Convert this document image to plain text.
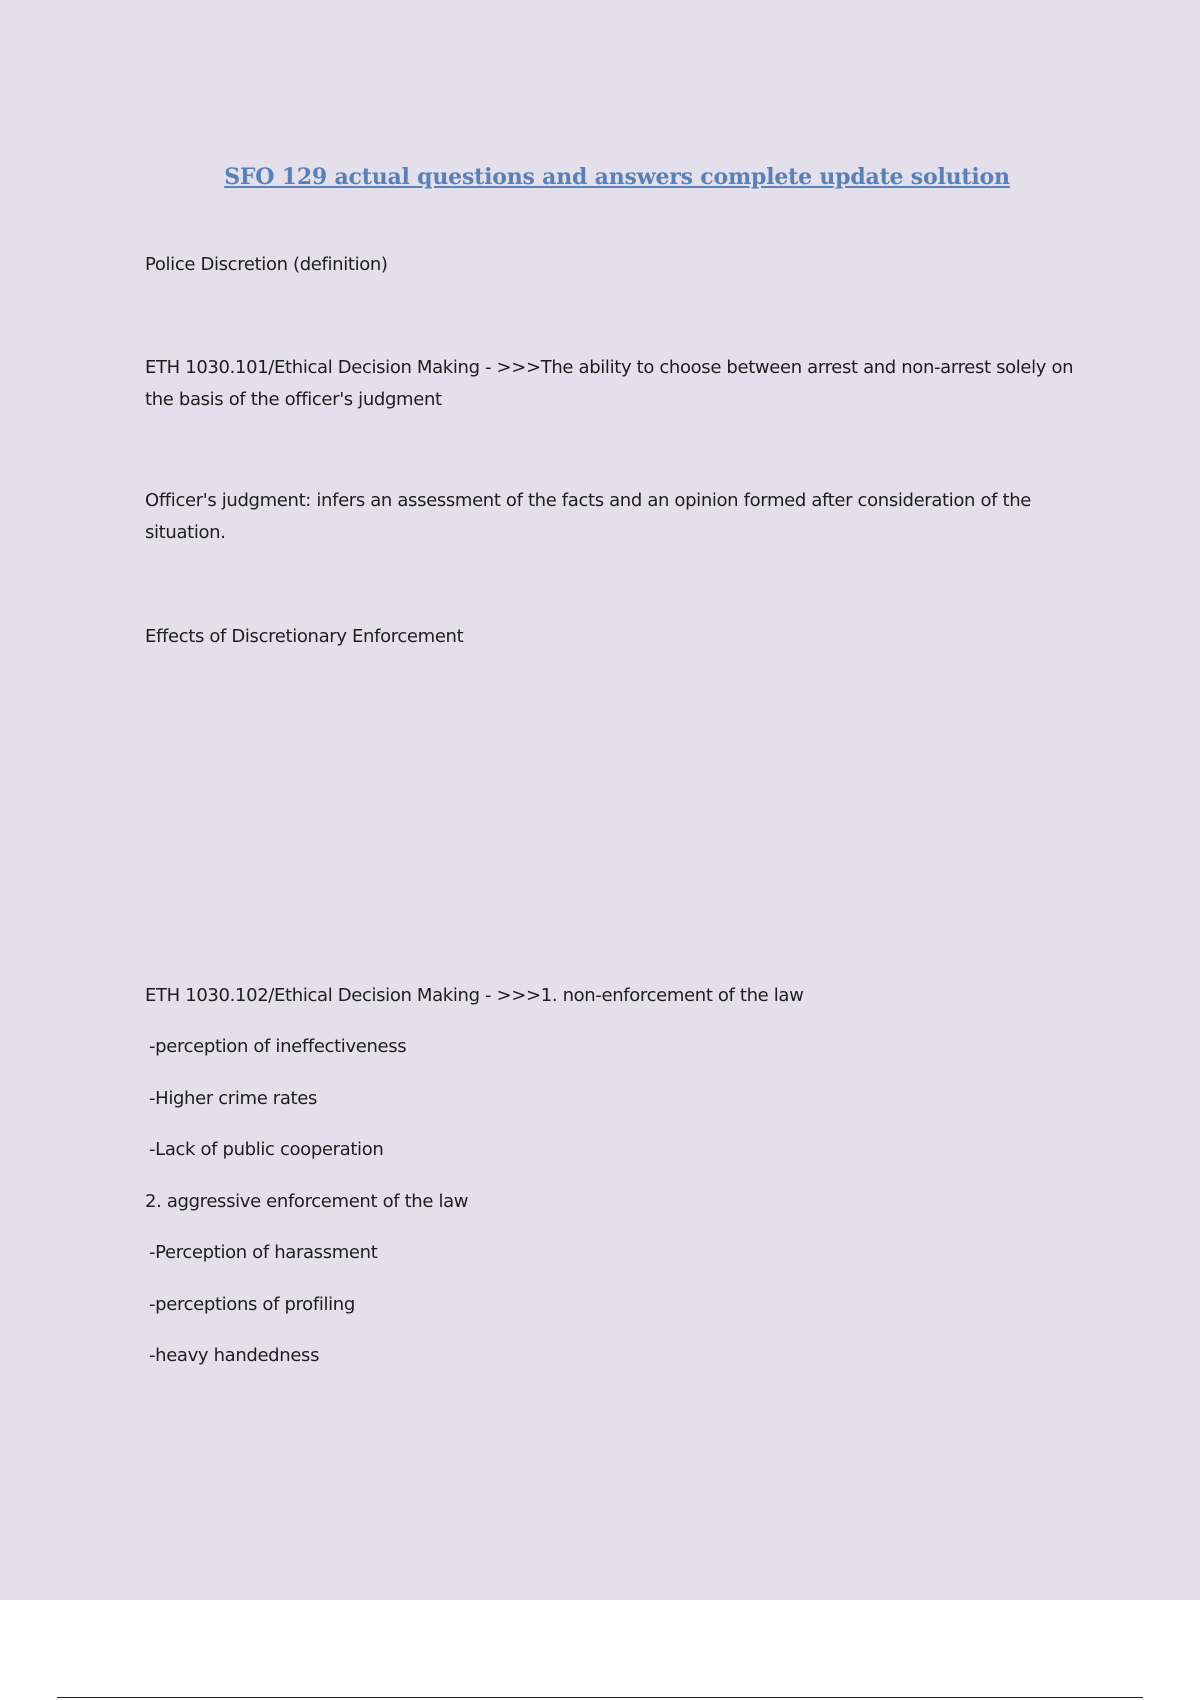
SFO 129 actual questions and answers complete update solution

Police Discretion (definition)

ETH 1030.101/Ethical Decision Making - >>>The ability to choose between arrest and non-arrest solely on the basis of the officer's judgment

Officer's judgment: infers an assessment of the facts and an opinion formed after consideration of the situation.

Effects of Discretionary Enforcement

ETH 1030.102/Ethical Decision Making - >>>1. non-enforcement of the law

-perception of ineffectiveness

-Higher crime rates

-Lack of public cooperation

2. aggressive enforcement of the law

-Perception of harassment

-perceptions of profiling

-heavy handedness
